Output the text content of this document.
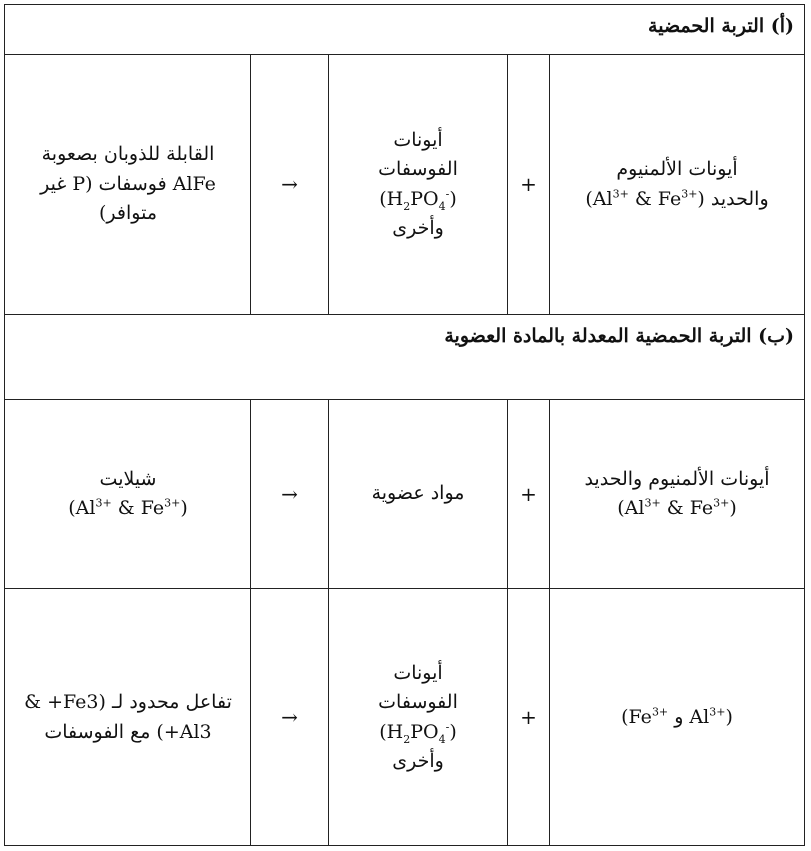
(أ) التربة الحمضية
أيونات الألمنيوم
والحديد ($Al^{3+}$ & $Fe^{3+}$)
+
أيونات
الفوسفات
$(H_2PO_4^-)$
وأخرى
→
القابلة للذوبان بصعوبة
AlFe فوسفات (P غير
متوافر)
(ب) التربة الحمضية المعدلة بالمادة العضوية
أيونات الألمنيوم والحديد
($Al^{3+}$ & $Fe^{3+}$)
+
مواد عضوية
→
شيلايت
($Al^{3+}$ & $Fe^{3+}$)
($Fe^{3+}$ و $Al^{3+}$)
+
أيونات
الفوسفات
$(H_2PO_4^-)$
وأخرى
→
تفاعل محدود لـ (Fe3+ &
Al3+) مع الفوسفات
